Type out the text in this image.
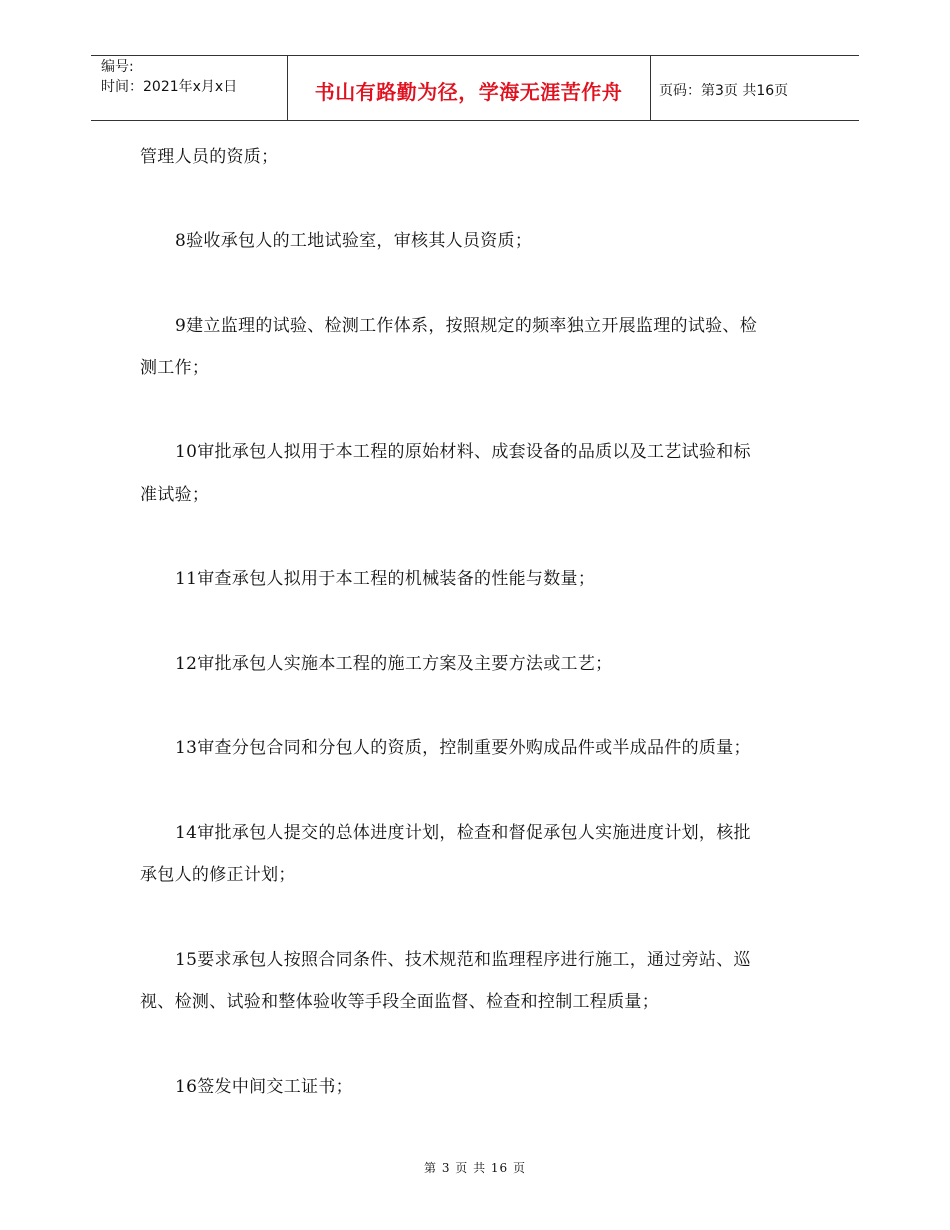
编号:
时间：2021年x月x日	书山有路勤为径，学海无涯苦作舟	页码：第3页 共16页
管理人员的资质；
8验收承包人的工地试验室，审核其人员资质；
9建立监理的试验、检测工作体系，按照规定的频率独立开展监理的试验、检
测工作；
10审批承包人拟用于本工程的原始材料、成套设备的品质以及工艺试验和标
准试验；
11审查承包人拟用于本工程的机械装备的性能与数量；
12审批承包人实施本工程的施工方案及主要方法或工艺；
13审查分包合同和分包人的资质，控制重要外购成品件或半成品件的质量；
14审批承包人提交的总体进度计划，检查和督促承包人实施进度计划，核批
承包人的修正计划；
15要求承包人按照合同条件、技术规范和监理程序进行施工，通过旁站、巡
视、检测、试验和整体验收等手段全面监督、检查和控制工程质量；
16签发中间交工证书；
第 3 页 共 16 页
